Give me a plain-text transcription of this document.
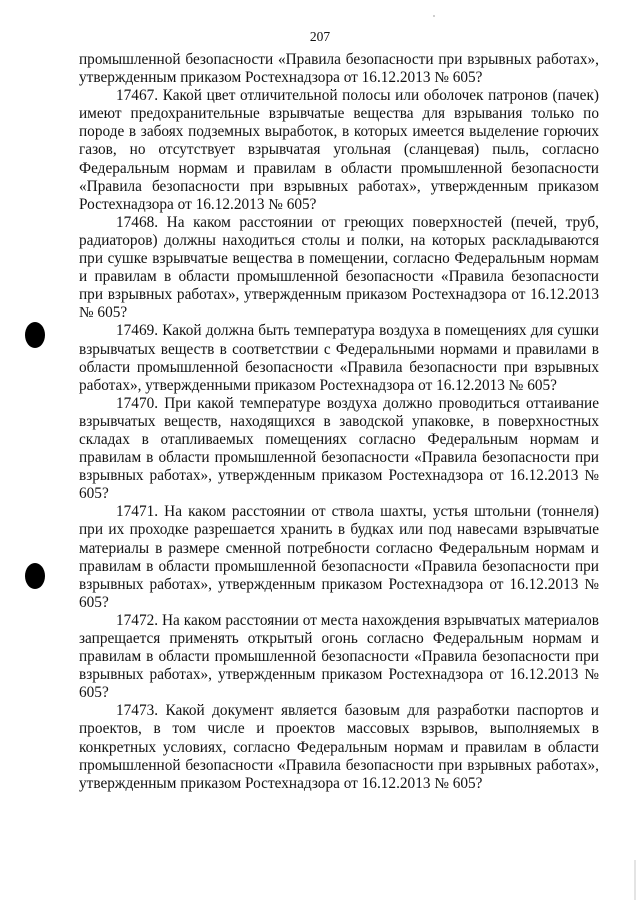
207

промышленной безопасности «Правила безопасности при взрывных работах», утвержденным приказом Ростехнадзора от 16.12.2013 № 605?

17467. Какой цвет отличительной полосы или оболочек патронов (пачек) имеют предохранительные взрывчатые вещества для взрывания только по породе в забоях подземных выработок, в которых имеется выделение горючих газов, но отсутствует взрывчатая угольная (сланцевая) пыль, согласно Федеральным нормам и правилам в области промышленной безопасности «Правила безопасности при взрывных работах», утвержденным приказом Ростехнадзора от 16.12.2013 № 605?

17468. На каком расстоянии от греющих поверхностей (печей, труб, радиаторов) должны находиться столы и полки, на которых раскладываются при сушке взрывчатые вещества в помещении, согласно Федеральным нормам и правилам в области промышленной безопасности «Правила безопасности при взрывных работах», утвержденным приказом Ростехнадзора от 16.12.2013 № 605?

17469. Какой должна быть температура воздуха в помещениях для сушки взрывчатых веществ в соответствии с Федеральными нормами и правилами в области промышленной безопасности «Правила безопасности при взрывных работах», утвержденными приказом Ростехнадзора от 16.12.2013 № 605?

17470. При какой температуре воздуха должно проводиться оттаивание взрывчатых веществ, находящихся в заводской упаковке, в поверхностных складах в отапливаемых помещениях согласно Федеральным нормам и правилам в области промышленной безопасности «Правила безопасности при взрывных работах», утвержденным приказом Ростехнадзора от 16.12.2013 № 605?

17471. На каком расстоянии от ствола шахты, устья штольни (тоннеля) при их проходке разрешается хранить в будках или под навесами взрывчатые материалы в размере сменной потребности согласно Федеральным нормам и правилам в области промышленной безопасности «Правила безопасности при взрывных работах», утвержденным приказом Ростехнадзора от 16.12.2013 № 605?

17472. На каком расстоянии от места нахождения взрывчатых материалов запрещается применять открытый огонь согласно Федеральным нормам и правилам в области промышленной безопасности «Правила безопасности при взрывных работах», утвержденным приказом Ростехнадзора от 16.12.2013 № 605?

17473. Какой документ является базовым для разработки паспортов и проектов, в том числе и проектов массовых взрывов, выполняемых в конкретных условиях, согласно Федеральным нормам и правилам в области промышленной безопасности «Правила безопасности при взрывных работах», утвержденным приказом Ростехнадзора от 16.12.2013 № 605?
